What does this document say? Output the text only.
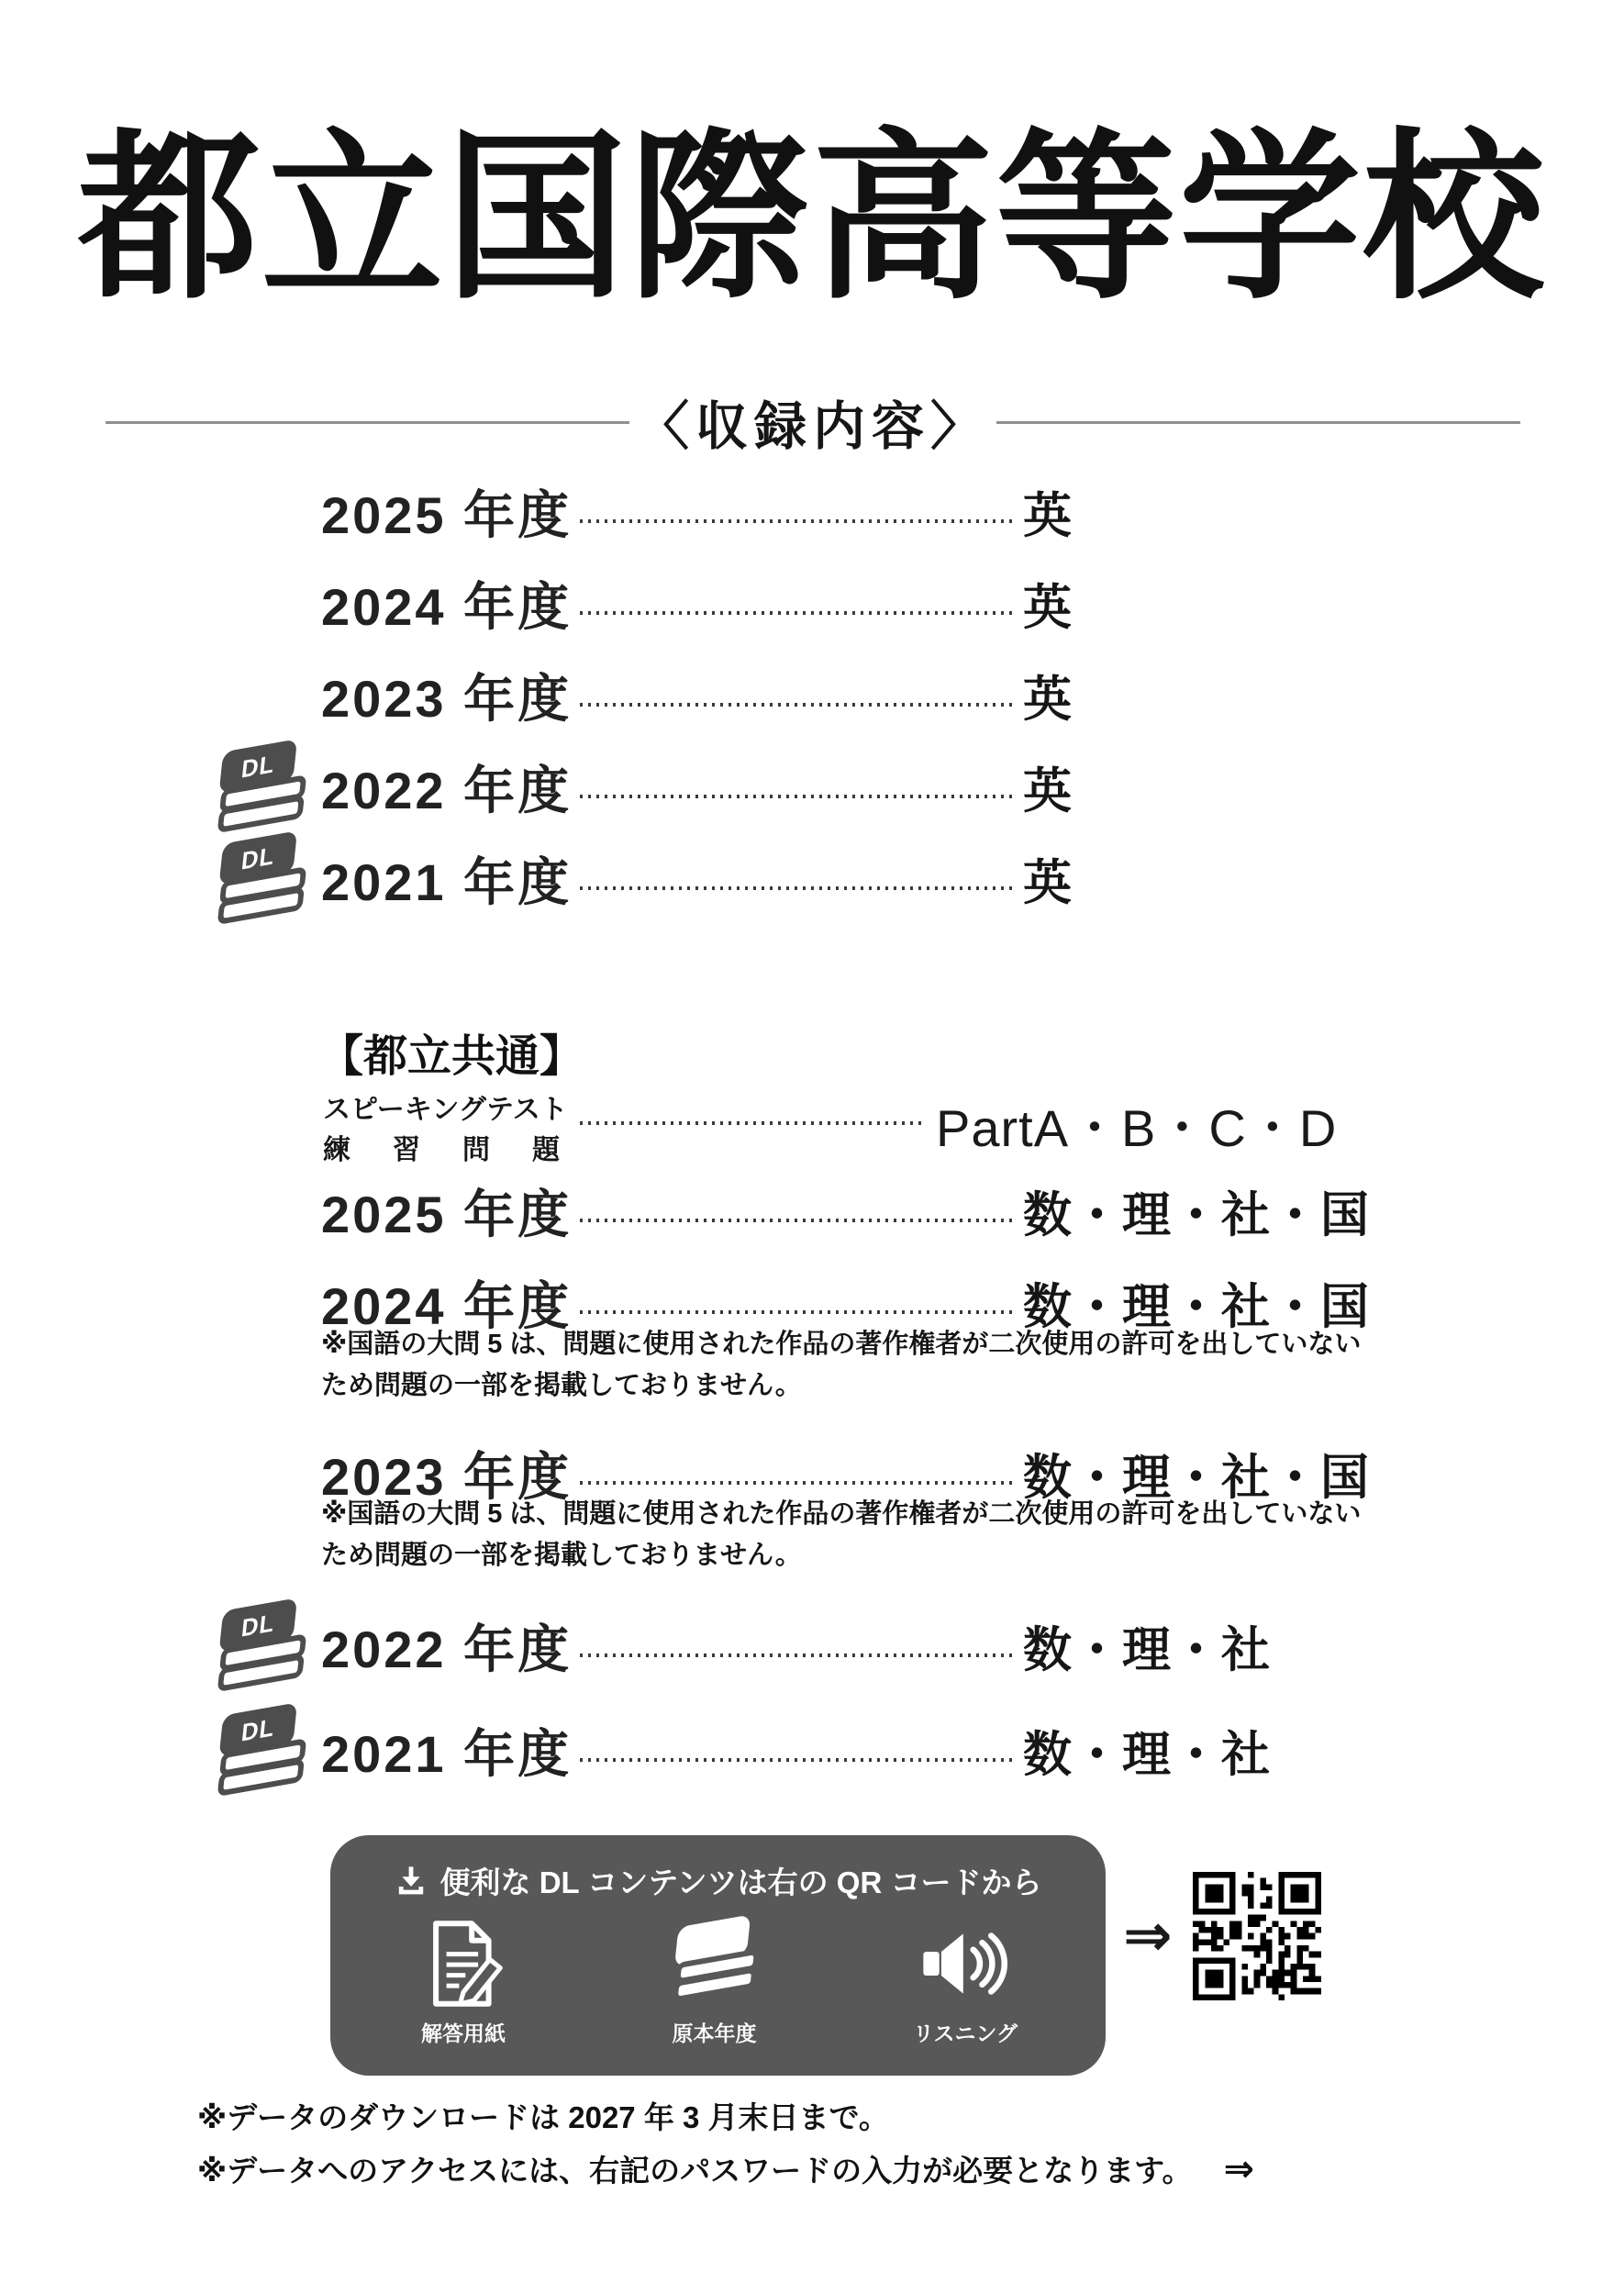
都立国際高等学校
〈収録内容〉
2025 年度	英
2024 年度	英
2023 年度	英
DL 2022 年度	英
DL 2021 年度	英
【都立共通】
スピーキングテスト
練習問題	PartA・B・C・D
2025 年度	数・理・社・国
2024 年度	数・理・社・国
※国語の大問 5 は、問題に使用された作品の著作権者が二次使用の許可を出していない
ため問題の一部を掲載しておりません。
2023 年度	数・理・社・国
※国語の大問 5 は、問題に使用された作品の著作権者が二次使用の許可を出していない
ため問題の一部を掲載しておりません。
DL 2022 年度	数・理・社
DL 2021 年度	数・理・社
便利な DL コンテンツは右の QR コードから
解答用紙	原本年度	リスニング
⇒
※データのダウンロードは 2027 年 3 月末日まで。
※データへのアクセスには、右記のパスワードの入力が必要となります。 ⇒
